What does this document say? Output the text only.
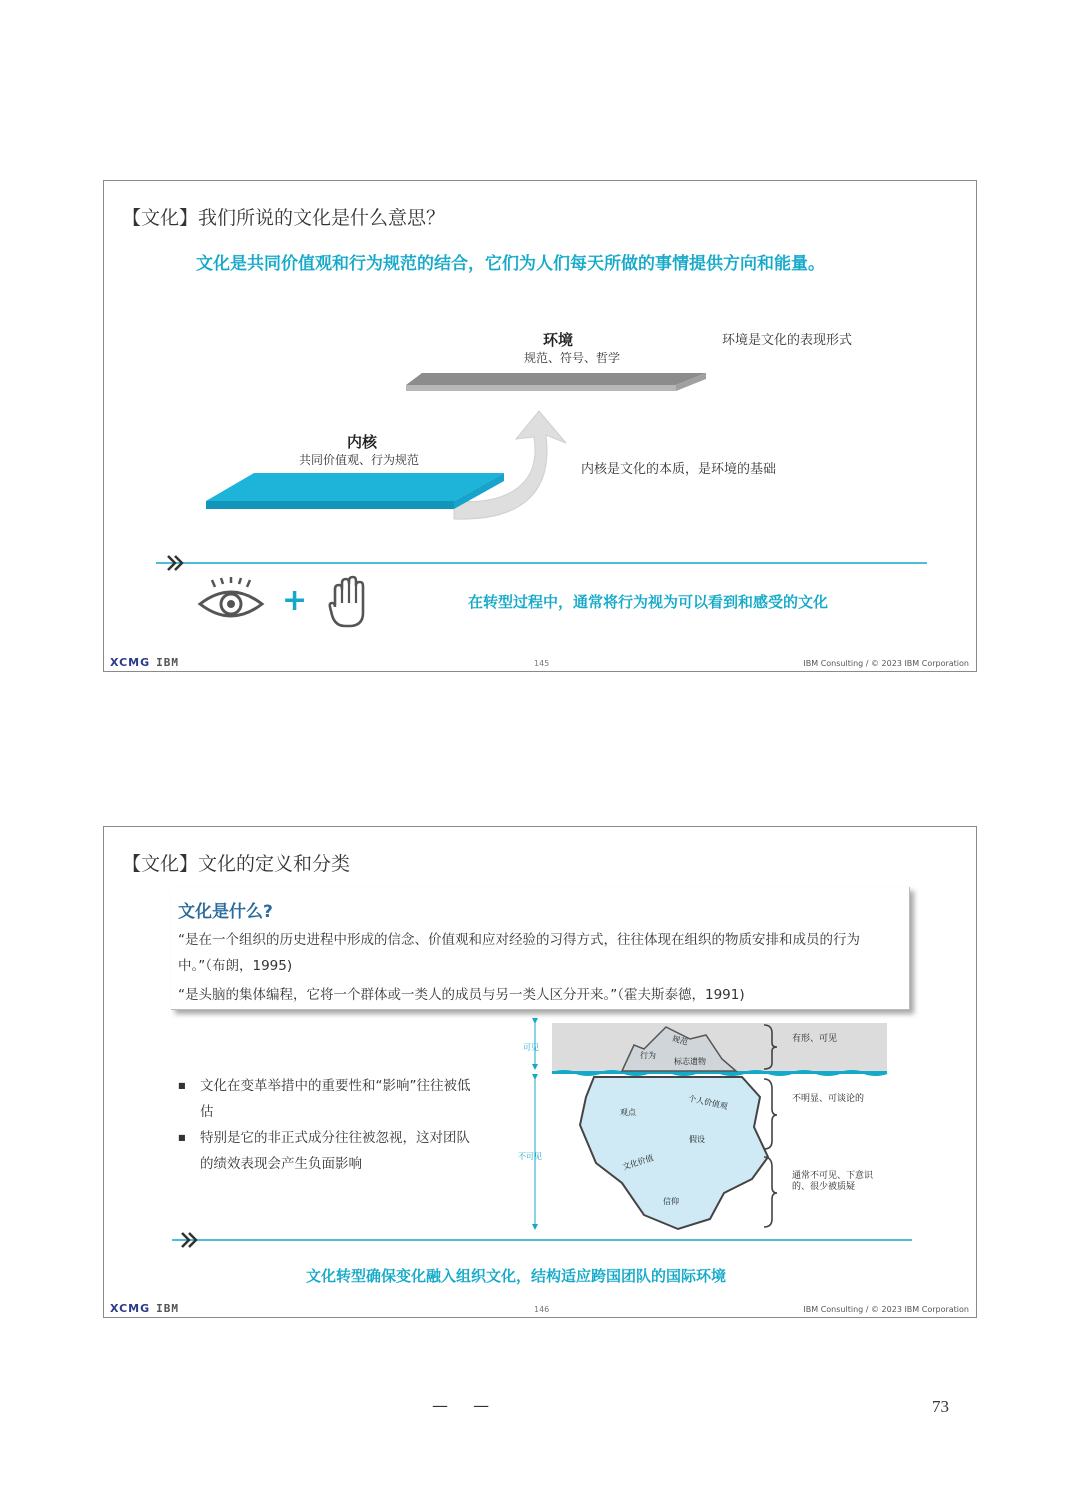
【文化】我们所说的文化是什么意思？
文化是共同价值观和行为规范的结合，它们为人们每天所做的事情提供方向和能量。
环境
规范、符号、哲学
环境是文化的表现形式
内核
共同价值观、行为规范
内核是文化的本质，是环境的基础
+	在转型过程中，通常将行为视为可以看到和感受的文化
XCMG IBM	145	IBM Consulting / © 2023 IBM Corporation
【文化】文化的定义和分类
文化是什么?
“是在一个组织的历史进程中形成的信念、价值观和应对经验的习得方式，往往体现在组织的物质安排和成员的行为中。”（布朗，1995)
“是头脑的集体编程，它将一个群体或一类人的成员与另一类人区分开来。”（霍夫斯泰德，1991)
■ 文化在变革举措中的重要性和“影响”往往被低估
■ 特别是它的非正式成分往往被忽视，这对团队的绩效表现会产生负面影响
可见
不可见
规范
行为
标志遗物
个人价值观
观点
假设
文化价值
信仰
有形、可见
不明显、可谈论的
通常不可见、下意识的、很少被质疑
文化转型确保变化融入组织文化，结构适应跨国团队的国际环境
XCMG IBM	146	IBM Consulting / © 2023 IBM Corporation
— —	73
